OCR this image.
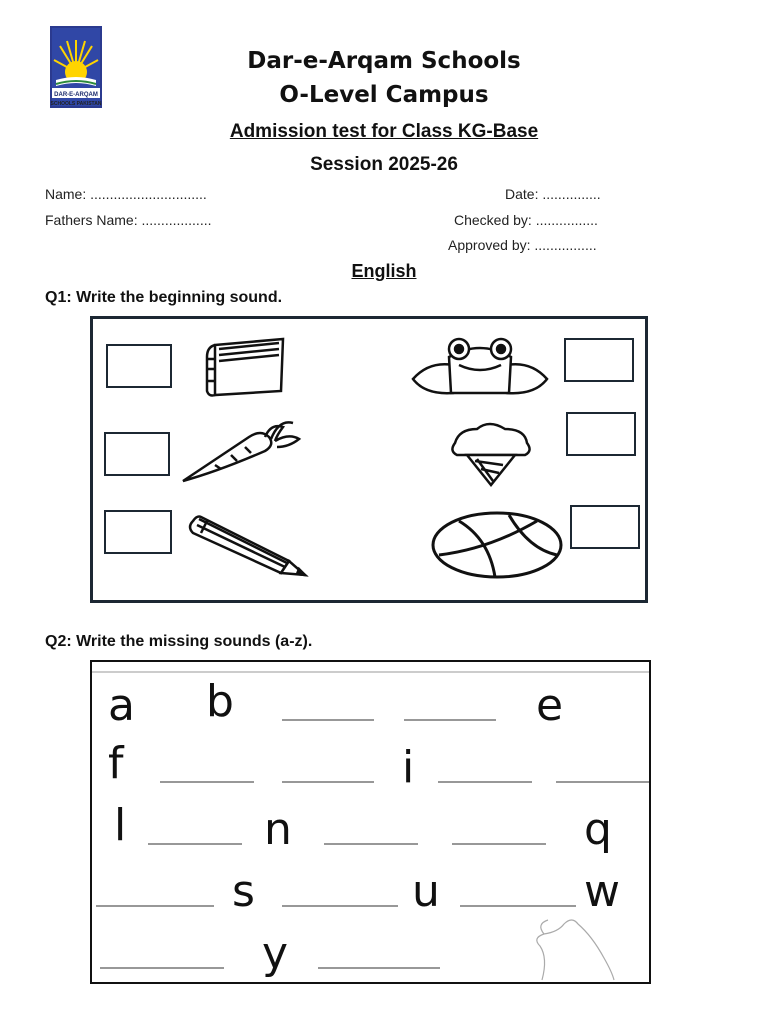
DAR-E-ARQAM
SCHOOLS PAKISTAN
Dar-e-Arqam Schools
O-Level Campus
Admission test for Class KG-Base
Session 2025-26
Name: ..............................	Date: ...............
Fathers Name: ..................	Checked by: ................
Approved by: ................
English
Q1: Write the beginning sound.
Q2: Write the missing sounds (a-z).
a b	e
f	i
l	n	q
s	u	w
y
